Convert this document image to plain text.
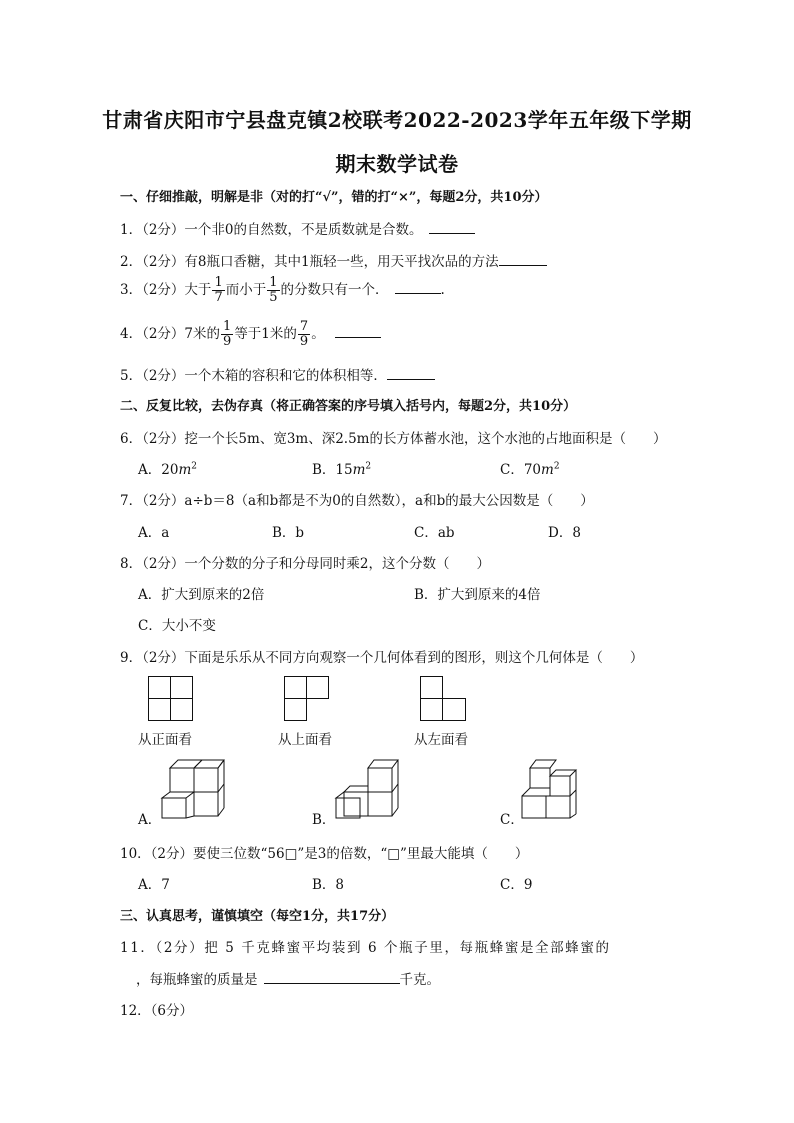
甘肃省庆阳市宁县盘克镇2校联考2022-2023学年五年级下学期
期末数学试卷
一、仔细推敲，明解是非（对的打“√”，错的打“×”，每题2分，共10分）
1．（2分）一个非0的自然数，不是质数就是合数。
2．（2分）有8瓶口香糖，其中1瓶轻一些，用天平找次品的方法
3．（2分）大于 $\frac{1}{7}$ 而小于 $\frac{1}{5}$ 的分数只有一个．	.
4．（2分）7米的 $\frac{1}{9}$ 等于1米的 $\frac{7}{9}$ 。
5．（2分）一个木箱的容积和它的体积相等．
二、反复比较，去伪存真（将正确答案的序号填入括号内，每题2分，共10分）
6．（2分）挖一个长5m、宽3m、深2.5m的长方体蓄水池，这个水池的占地面积是（　　）
A．$20m^2$	B．$15m^2$	C．$70m^2$
7．（2分）a÷b＝8（a和b都是不为0的自然数），a和b的最大公因数是（　　）
A．a	B．b	C．ab	D．8
8．（2分）一个分数的分子和分母同时乘2，这个分数（　　）
A．扩大到原来的2倍	B．扩大到原来的4倍
C．大小不变
9．（2分）下面是乐乐从不同方向观察一个几何体看到的图形，则这个几何体是（　　）
从正面看	从上面看	从左面看
A．	B．	C．
10．（2分）要使三位数“56□”是3的倍数，“□”里最大能填（　　）
A．7	B．8	C．9
三、认真思考，谨慎填空（每空1分，共17分）
11．（2分）把 5 千克蜂蜜平均装到 6 个瓶子里，每瓶蜂蜜是全部蜂蜜的
，每瓶蜂蜜的质量是	千克。
12．（6分）
